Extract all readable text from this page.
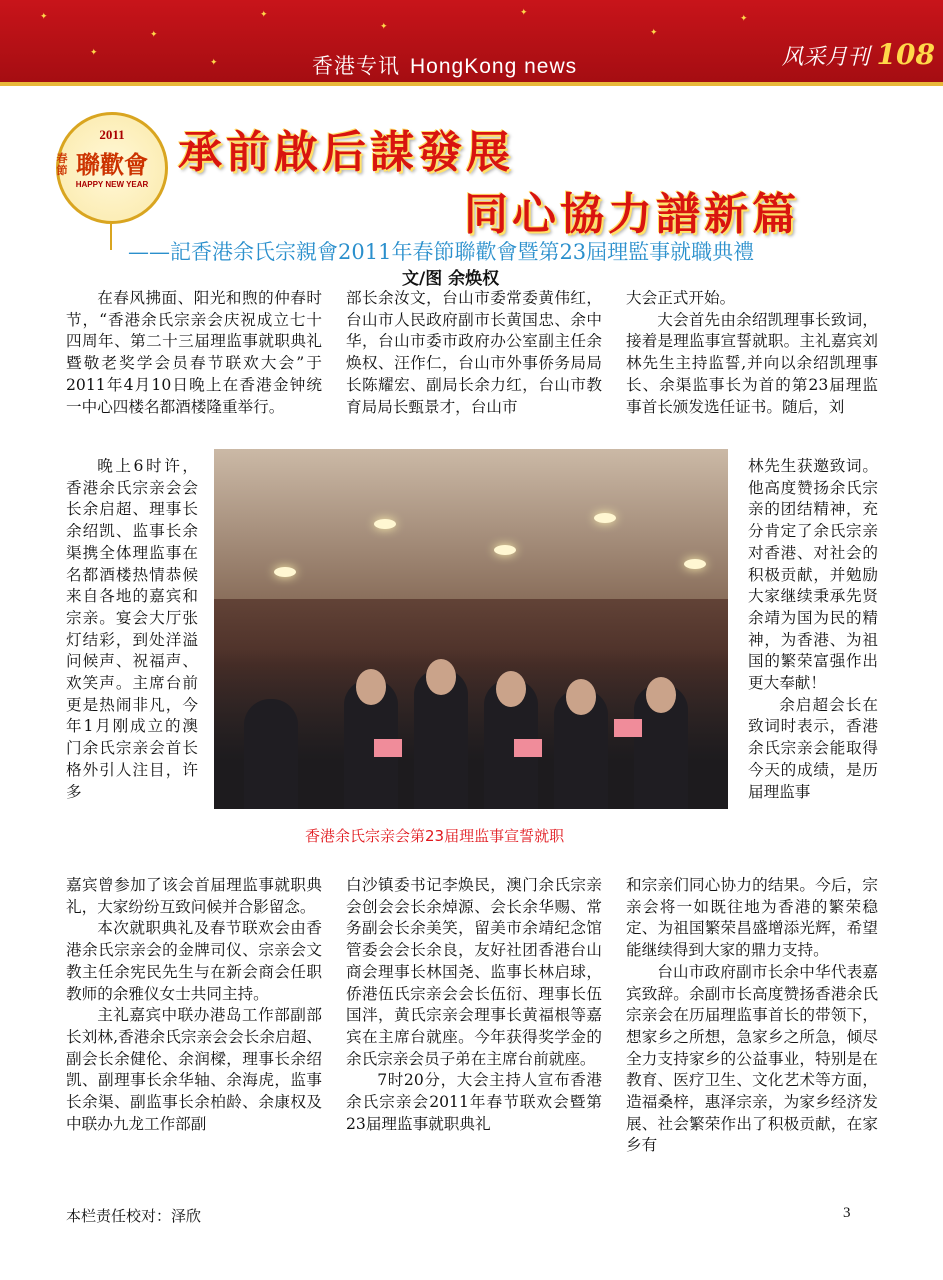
✦
✦
✦
✦
✦
✦
✦
✦
✦	香港专讯 HongKong news	风采月刊 108
春節
2011
聯歡會
HAPPY NEW YEAR
承前啟后謀發展
同心協力譜新篇
——記香港余氏宗親會2011年春節聯歡會暨第23屆理監事就職典禮
文/图 余焕权

在春风拂面、阳光和煦的仲春时节，“香港余氏宗亲会庆祝成立七十四周年、第二十三届理监事就职典礼暨敬老奖学会员春节联欢大会”于2011年4月10日晚上在香港金钟统一中心四楼名都酒楼隆重举行。

晚上6时许，香港余氏宗亲会会长余启超、理事长余绍凯、监事长余渠携全体理监事在名都酒楼热情恭候来自各地的嘉宾和宗亲。宴会大厅张灯结彩，到处洋溢问候声、祝福声、欢笑声。主席台前更是热闹非凡，今年1月刚成立的澳门余氏宗亲会首长格外引人注目，许多

嘉宾曾参加了该会首届理监事就职典礼，大家纷纷互致问候并合影留念。

本次就职典礼及春节联欢会由香港余氏宗亲会的金牌司仪、宗亲会文教主任余宪民先生与在新会商会任职教师的余雅仪女士共同主持。

主礼嘉宾中联办港岛工作部副部长刘林,香港余氏宗亲会会长余启超、副会长余健伦、余润樑，理事长余绍凯、副理事长余华轴、余海虎，监事长余渠、副监事长余柏龄、余康权及中联办九龙工作部副

部长余汝文，台山市委常委黄伟红，台山市人民政府副市长黄国忠、余中华，台山市委市政府办公室副主任余焕权、汪作仁，台山市外事侨务局局长陈耀宏、副局长余力红，台山市教育局局长甄景才，台山市

白沙镇委书记李焕民，澳门余氏宗亲会创会会长余焯源、会长余华赐、常务副会长余美笑，留美市余靖纪念馆管委会会长余良，友好社团香港台山商会理事长林国尧、监事长林启球，侨港伍氏宗亲会会长伍衍、理事长伍国泮，黄氏宗亲会理事长黄福根等嘉宾在主席台就座。今年获得奖学金的余氏宗亲会员子弟在主席台前就座。

7时20分，大会主持人宣布香港余氏宗亲会2011年春节联欢会暨第23届理监事就职典礼

大会正式开始。

大会首先由余绍凯理事长致词，接着是理监事宣誓就职。主礼嘉宾刘林先生主持监誓,并向以余绍凯理事长、余渠监事长为首的第23届理监事首长颁发选任证书。随后，刘

林先生获邀致词。他高度赞扬余氏宗亲的团结精神，充分肯定了余氏宗亲对香港、对社会的积极贡献，并勉励大家继续秉承先贤余靖为国为民的精神，为香港、为祖国的繁荣富强作出更大奉献！

余启超会长在致词时表示，香港余氏宗亲会能取得今天的成绩，是历届理监事

和宗亲们同心协力的结果。今后，宗亲会将一如既往地为香港的繁荣稳定、为祖国繁荣昌盛增添光辉，希望能继续得到大家的鼎力支持。

台山市政府副市长余中华代表嘉宾致辞。余副市长高度赞扬香港余氏宗亲会在历届理监事首长的带领下，想家乡之所想，急家乡之所急，倾尽全力支持家乡的公益事业，特别是在教育、医疗卫生、文化艺术等方面，造福桑梓，惠泽宗亲，为家乡经济发展、社会繁荣作出了积极贡献，在家乡有

香港余氏宗亲会第23届理监事宣誓就职
本栏责任校对：泽欣	3
